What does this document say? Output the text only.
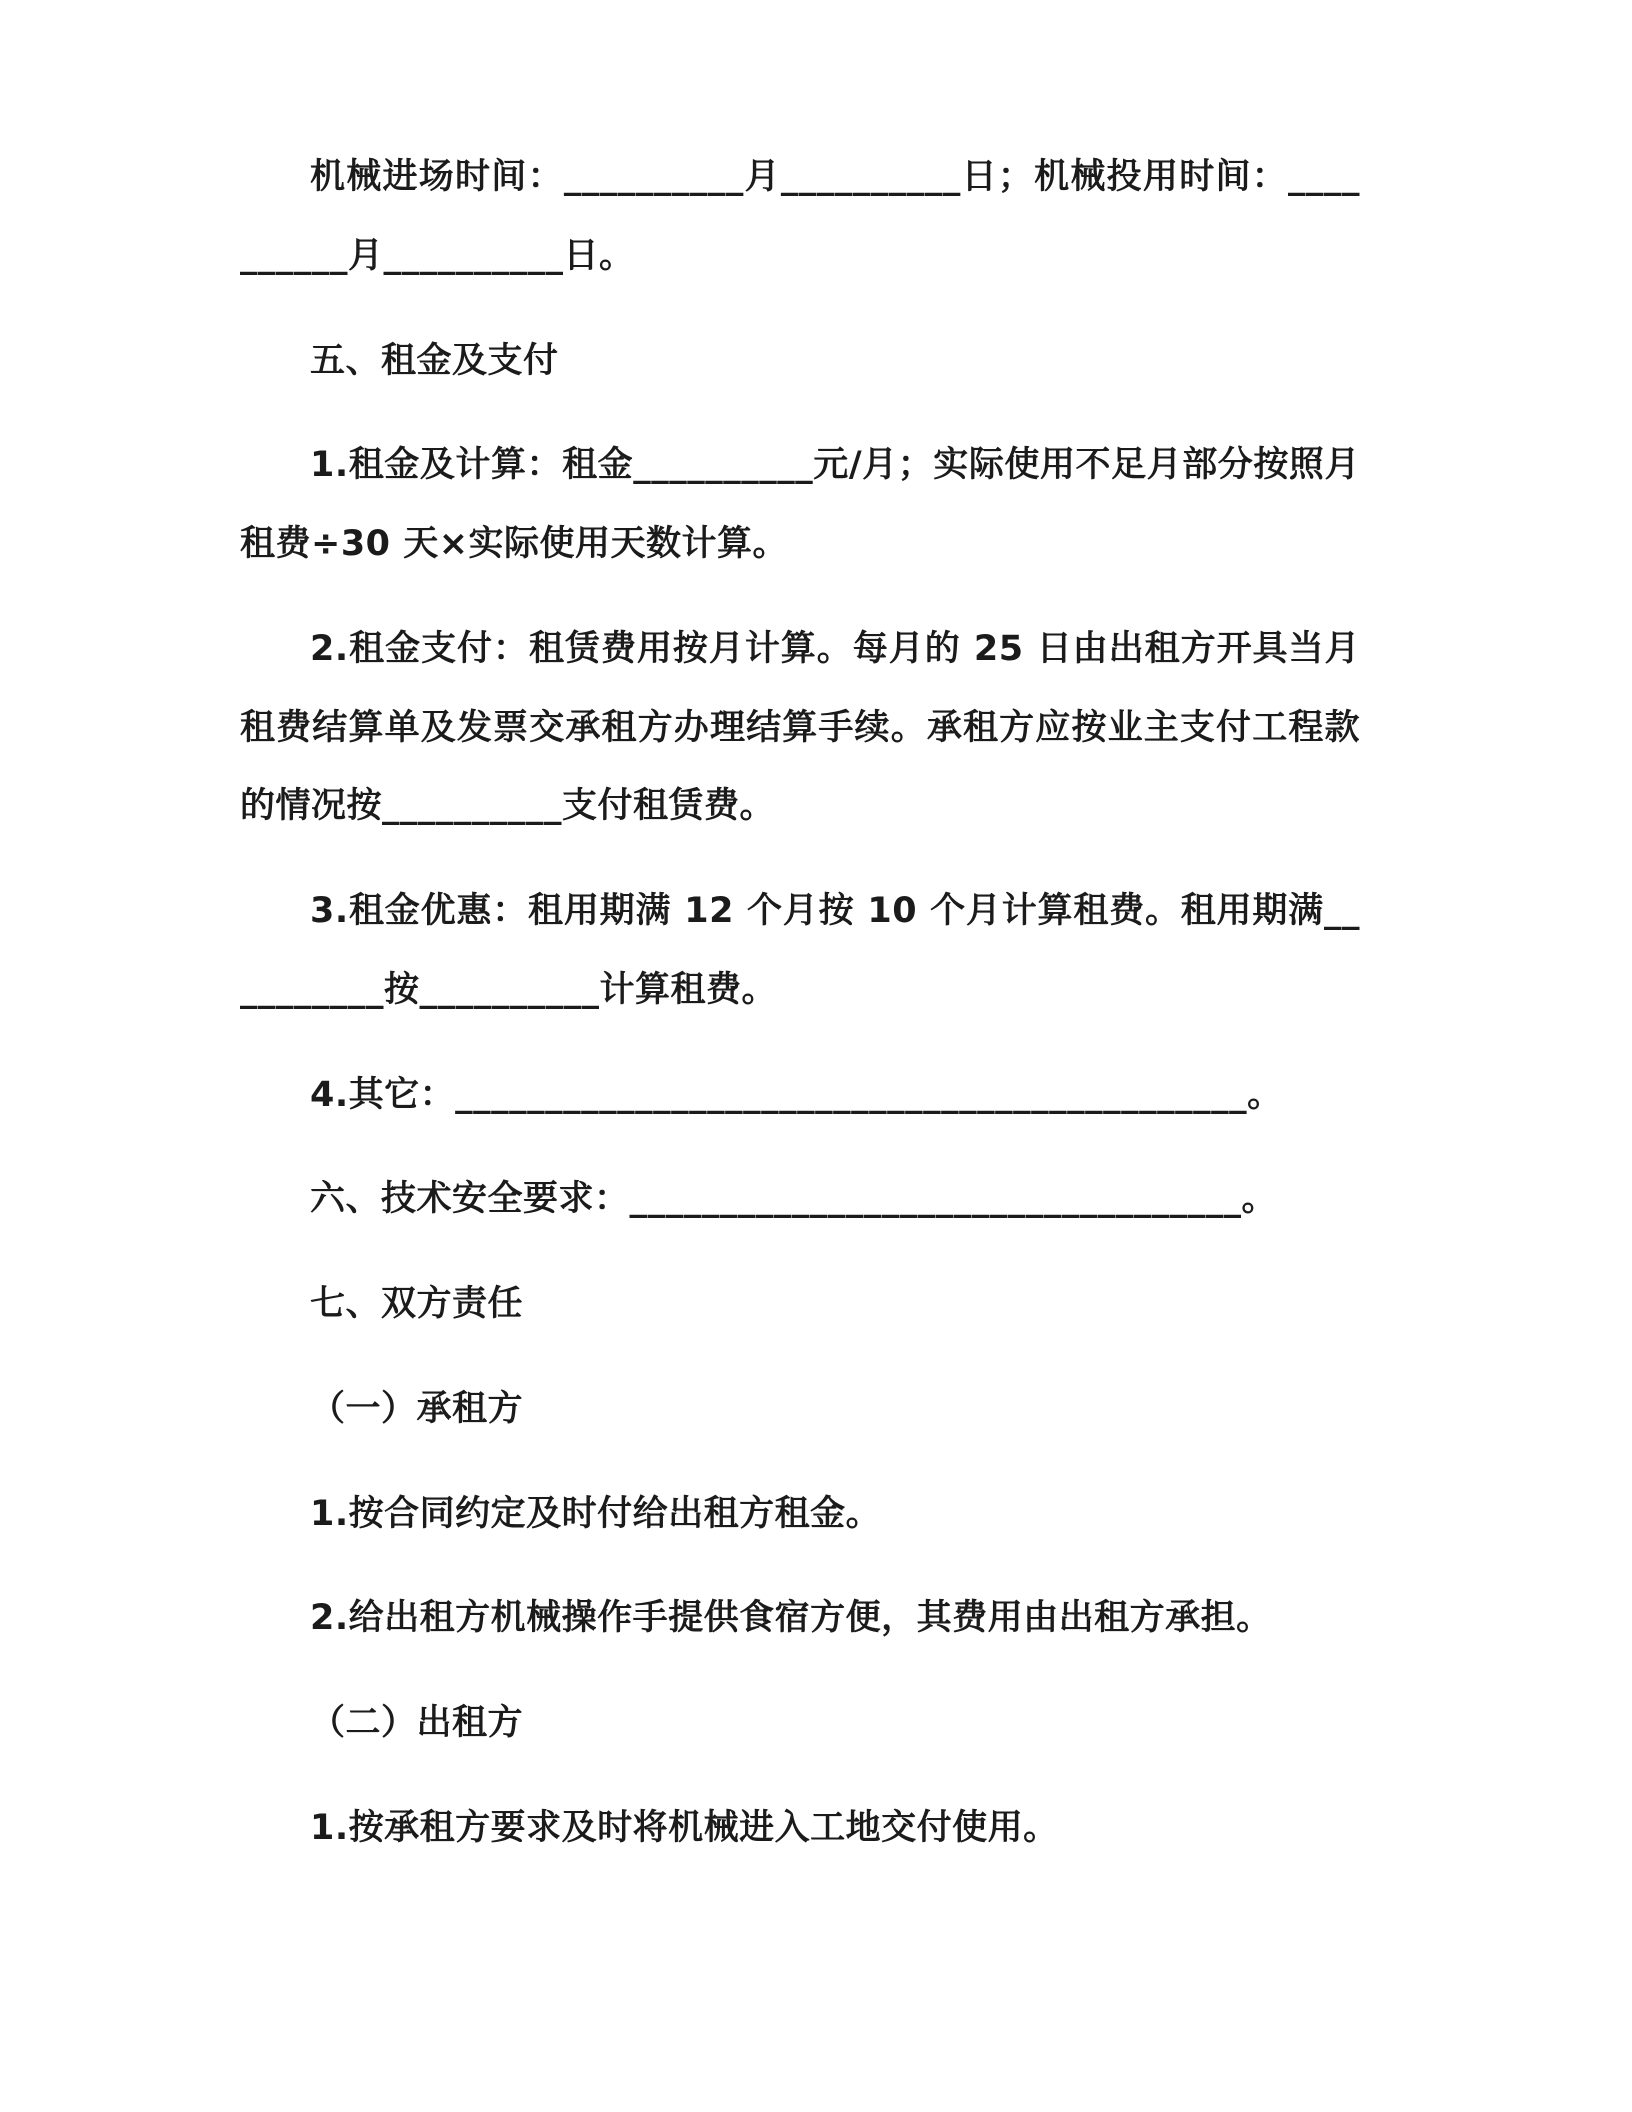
机械进场时间：__________月__________日；机械投用时间：__________月__________日。

五、租金及支付

1.租金及计算：租金__________元/月；实际使用不足月部分按照月租费÷30 天×实际使用天数计算。

2.租金支付：租赁费用按月计算。每月的 25 日由出租方开具当月租费结算单及发票交承租方办理结算手续。承租方应按业主支付工程款的情况按__________支付租赁费。

3.租金优惠：租用期满 12 个月按 10 个月计算租费。租用期满__________按__________计算租费。

4.其它：____________________________________________。

六、技术安全要求：__________________________________。

七、双方责任

（一）承租方

1.按合同约定及时付给出租方租金。

2.给出租方机械操作手提供食宿方便，其费用由出租方承担。

（二）出租方

1.按承租方要求及时将机械进入工地交付使用。
